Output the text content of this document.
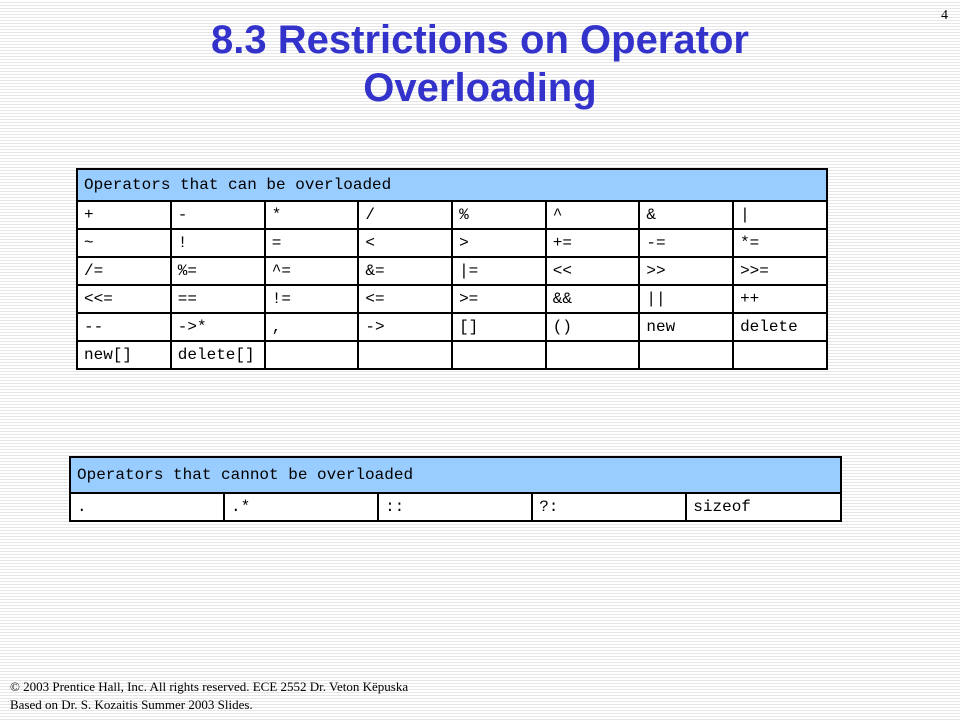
4
8.3 Restrictions on Operator
Overloading
Operators that can be overloaded							
+	-	*	/	%	^	&	|
~	!	=	<	>	+=	-=	*=
/=	%=	^=	&=	|=	<<	>>	>>=
<<=	==	!=	<=	>=	&&	||	++
--	->*	,	->	[]	()	new	delete
new[]	delete[]						
Operators that cannot be overloaded
.	.*	::	?:	sizeof
© 2003 Prentice Hall, Inc. All rights reserved. ECE 2552 Dr. Veton Këpuska
Based on Dr. S. Kozaitis Summer 2003 Slides.
